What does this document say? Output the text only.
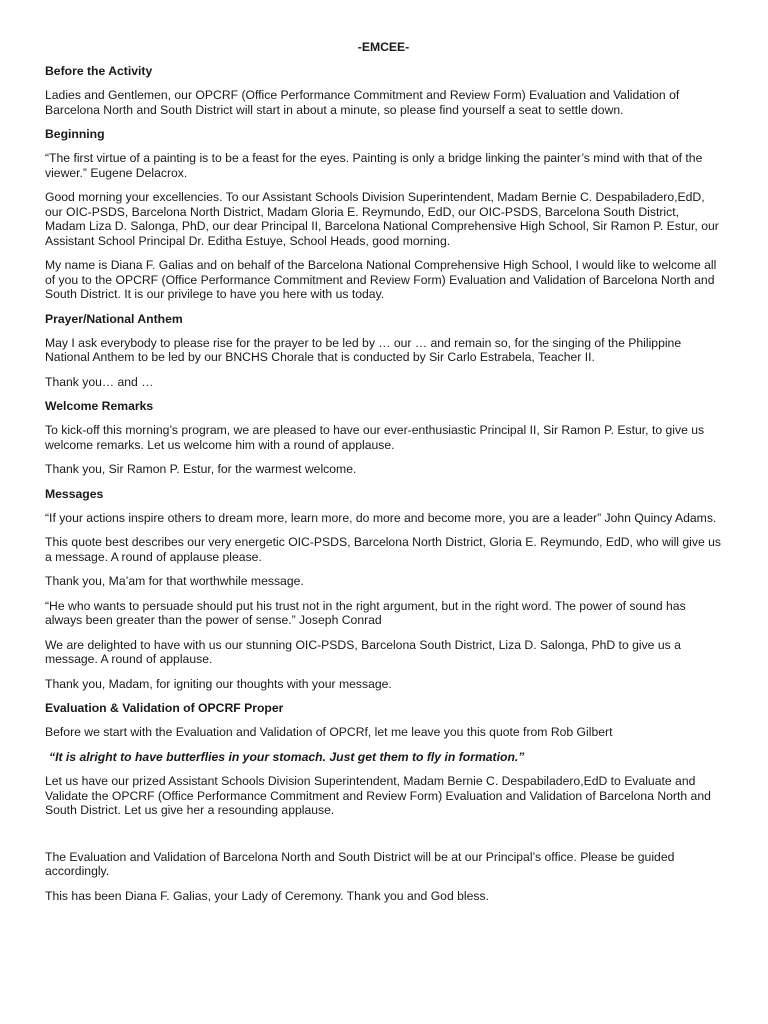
-EMCEE-
Before the Activity
Ladies and Gentlemen, our OPCRF (Office Performance Commitment and Review Form) Evaluation and Validation of Barcelona North and South District will start in about a minute, so please find yourself a seat to settle down.
Beginning
“The first virtue of a painting is to be a feast for the eyes. Painting is only a bridge linking the painter’s mind with that of the viewer.” Eugene Delacrox.
Good morning your excellencies. To our Assistant Schools Division Superintendent, Madam Bernie C. Despabiladero,EdD, our OIC-PSDS, Barcelona North District, Madam Gloria E. Reymundo, EdD, our OIC-PSDS, Barcelona South District, Madam Liza D. Salonga, PhD, our dear Principal II, Barcelona National Comprehensive High School, Sir Ramon P. Estur, our Assistant School Principal Dr. Editha Estuye, School Heads, good morning.
My name is Diana F. Galias and on behalf of the Barcelona National Comprehensive High School, I would like to welcome all of you to the OPCRF (Office Performance Commitment and Review Form) Evaluation and Validation of Barcelona North and South District. It is our privilege to have you here with us today.
Prayer/National Anthem
May I ask everybody to please rise for the prayer to be led by … our … and remain so, for the singing of the Philippine National Anthem to be led by our BNCHS Chorale that is conducted by Sir Carlo Estrabela, Teacher II.
Thank you… and …
Welcome Remarks
To kick-off this morning’s program, we are pleased to have our ever-enthusiastic Principal II, Sir Ramon P. Estur, to give us welcome remarks. Let us welcome him with a round of applause.
Thank you, Sir Ramon P. Estur, for the warmest welcome.
Messages
“If your actions inspire others to dream more, learn more, do more and become more, you are a leader” John Quincy Adams.
This quote best describes our very energetic OIC-PSDS, Barcelona North District, Gloria E. Reymundo, EdD, who will give us a message. A round of applause please.
Thank you, Ma’am for that worthwhile message.
“He who wants to persuade should put his trust not in the right argument, but in the right word. The power of sound has always been greater than the power of sense.” Joseph Conrad
We are delighted to have with us our stunning OIC-PSDS, Barcelona South District, Liza D. Salonga, PhD to give us a message. A round of applause.
Thank you, Madam, for igniting our thoughts with your message.
Evaluation & Validation of OPCRF Proper
Before we start with the Evaluation and Validation of OPCRf, let me leave you this quote from Rob Gilbert
“It is alright to have butterflies in your stomach. Just get them to fly in formation.”
Let us have our prized Assistant Schools Division Superintendent, Madam Bernie C. Despabiladero,EdD to Evaluate and Validate the OPCRF (Office Performance Commitment and Review Form) Evaluation and Validation of Barcelona North and South District. Let us give her a resounding applause.
The Evaluation and Validation of Barcelona North and South District will be at our Principal’s office. Please be guided accordingly.
This has been Diana F. Galias, your Lady of Ceremony. Thank you and God bless.
